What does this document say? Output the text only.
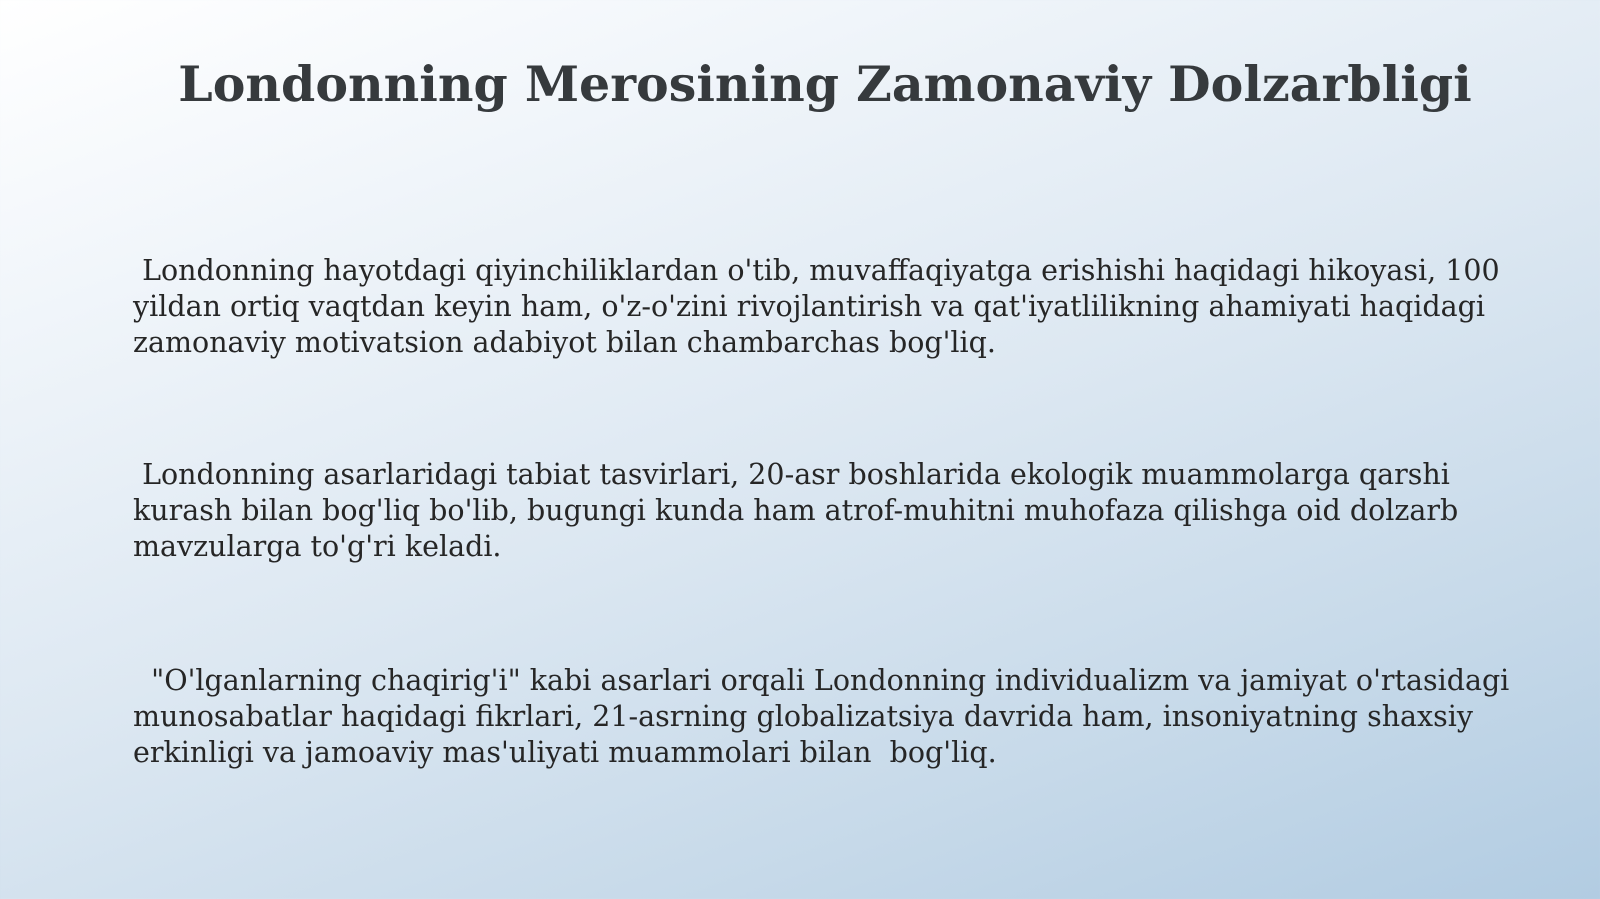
Londonning Merosining Zamonaviy Dolzarbligi

Londonning hayotdagi qiyinchiliklardan o'tib, muvaffaqiyatga erishishi haqidagi hikoyasi, 100 yildan ortiq vaqtdan keyin ham, o'z-o'zini rivojlantirish va qat'iyatlilikning ahamiyati haqidagi zamonaviy motivatsion adabiyot bilan chambarchas bog'liq.

Londonning asarlaridagi tabiat tasvirlari, 20-asr boshlarida ekologik muammolarga qarshi kurash bilan bog'liq bo'lib, bugungi kunda ham atrof-muhitni muhofaza qilishga oid dolzarb mavzularga to'g'ri keladi.

"O'lganlarning chaqirig'i" kabi asarlari orqali Londonning individualizm va jamiyat o'rtasidagi munosabatlar haqidagi fikrlari, 21-asrning globalizatsiya davrida ham, insoniyatning shaxsiy erkinligi va jamoaviy mas'uliyati muammolari bilan  bog'liq.
